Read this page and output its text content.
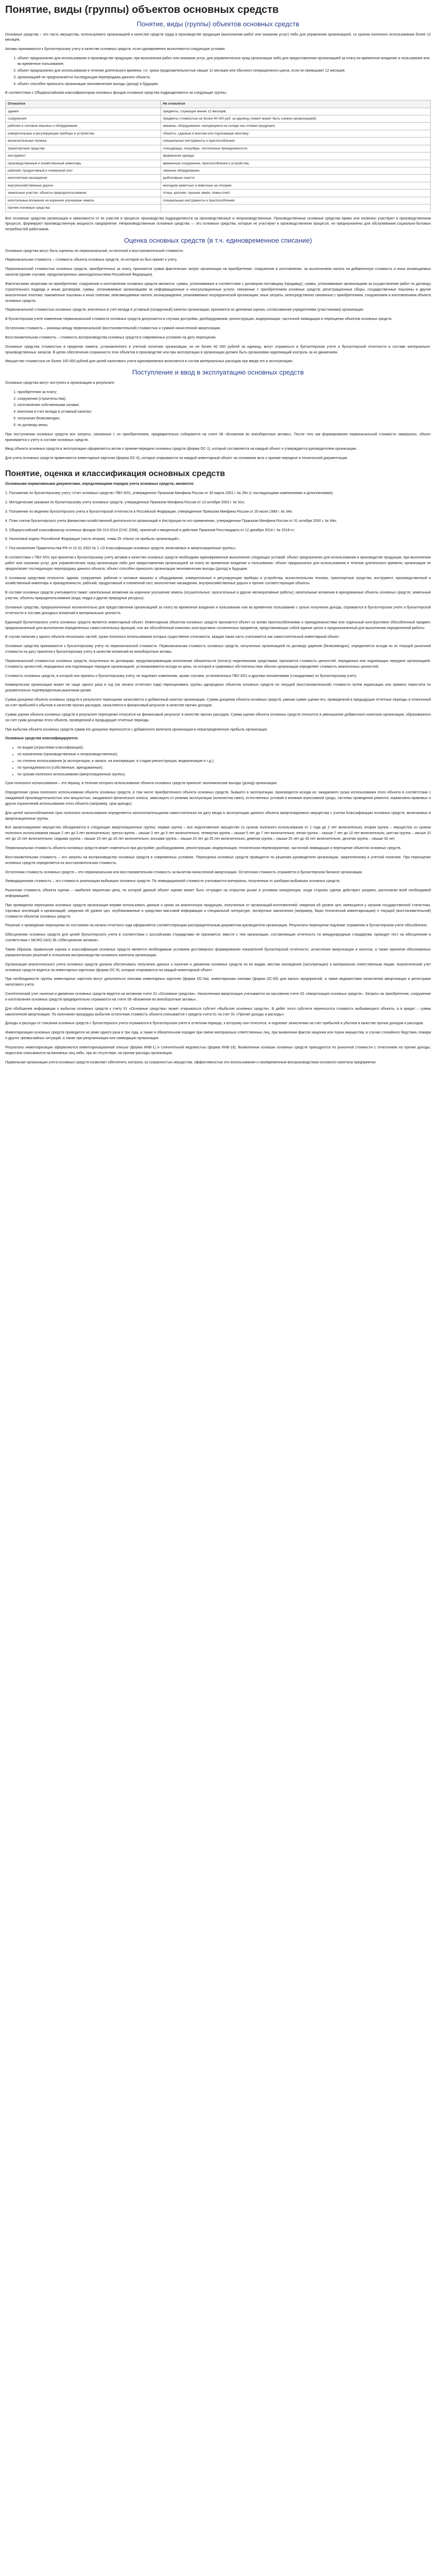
Понятие, виды (группы) объектов основных средств
Понятие, виды (группы) объектов основных средств

Основные средства – это часть имущества, используемого организацией в качестве средств труда в производстве продукции (выполнении работ или оказании услуг) либо для управления организацией, со сроком полезного использования более 12 месяцев.

Активы принимаются к бухгалтерскому учету в качестве основных средств, если одновременно выполняются следующие условия:

1. объект предназначен для использования в производстве продукции, при выполнении работ или оказании услуг, для управленческих нужд организации либо для предоставления организацией за плату во временное владение и пользование или во временное пользование;
2. объект предназначен для использования в течение длительного времени, т.е. срока продолжительностью свыше 12 месяцев или обычного операционного цикла, если он превышает 12 месяцев;
3. организацией не предполагается последующая перепродажа данного объекта;
4. объект способен приносить организации экономические выгоды (доход) в будущем.

В соответствии с Общероссийским классификатором основных фондов основные средства подразделяются на следующие группы:

Относятся	Не относятся
здания	предметы, служащие менее 12 месяцев;
сооружения	предметы стоимостью не более 40 000 руб. за единицу (лимит может быть снижен организацией);
рабочие и силовые машины и оборудование	машины, оборудование, находящиеся на складе как готовая продукция;
измерительные и регулирующие приборы и устройства	объекты, сданные в монтаж или подлежащие монтажу;
вычислительная техника	специальные инструменты и приспособления;
транспортные средства	спецодежда, спецобувь, постельные принадлежности;
инструмент	форменная одежда;
производственный и хозяйственный инвентарь	временные сооружения, приспособления и устройства;
рабочий, продуктивный и племенной скот	сменное оборудование;
многолетние насаждения	рыболовные снасти;
внутрихозяйственные дороги	молодняк животных и животные на откорме;
земельные участки, объекты природопользования	птица, кролики, пушные звери, семьи пчел;
капитальные вложения на коренное улучшение земель	специальные инструменты и приспособления.
прочие основные средства	

Все основные средства организации в зависимости от их участия в процессе производства подразделяются на производственные и непроизводственные. Производственные основные средства прямо или косвенно участвуют в производственном процессе, формируют производственную мощность предприятия. Непроизводственные основные средства — это основные средства, которые не участвуют в производственном процессе, но предназначены для обслуживания социально-бытовых потребностей работников.

Оценка основных средств (в т.ч. единовременное списание)

Основные средства могут быть оценены по первоначальной, остаточной и восстановительной стоимости.

Первоначальная стоимость – стоимость объекта основных средств, по которой он был принят к учету.

Первоначальной стоимостью основных средств, приобретенных за плату, признается сумма фактических затрат организации на приобретение, сооружение и изготовление, за исключением налога на добавленную стоимость и иных возмещаемых налогов (кроме случаев, предусмотренных законодательством Российской Федерации).

Фактическими затратами на приобретение, сооружение и изготовление основных средств являются: суммы, уплачиваемые в соответствии с договором поставщику (продавцу); суммы, уплачиваемые организациям за осуществление работ по договору строительного подряда и иным договорам; суммы, уплачиваемые организациям за информационные и консультационные услуги, связанные с приобретением основных средств; регистрационные сборы, государственные пошлины и другие аналогичные платежи; таможенные пошлины и иные платежи; невозмещаемые налоги; вознаграждения, уплачиваемые посреднической организации; иные затраты, непосредственно связанные с приобретением, сооружением и изготовлением объекта основных средств.

Первоначальной стоимостью основных средств, внесенных в счет вклада в уставный (складочный) капитал организации, признается их денежная оценка, согласованная учредителями (участниками) организации.

В бухгалтерском учете изменение первоначальной стоимости основных средств допускается в случаях достройки, дооборудования, реконструкции, модернизации, частичной ликвидации и переоценки объектов основных средств.

Остаточная стоимость – разница между первоначальной (восстановительной) стоимостью и суммой начисленной амортизации.

Восстановительная стоимость – стоимость воспроизводства основных средств в современных условиях на дату переоценки.

Основные средства стоимостью в пределах лимита, установленного в учетной политике организации, но не более 40 000 рублей за единицу, могут отражаться в бухгалтерском учете и бухгалтерской отчетности в составе материально-производственных запасов. В целях обеспечения сохранности этих объектов в производстве или при эксплуатации в организации должен быть организован надлежащий контроль за их движением.

Имущество стоимостью не более 100 000 рублей для целей налогового учета единовременно включается в состав материальных расходов при вводе его в эксплуатацию.

Поступление и ввод в эксплуатацию основных средств

Основные средства могут поступить в организацию в результате:

1. приобретения за плату;
2. сооружения (строительства);
3. изготовления собственными силами;
4. внесения в счет вклада в уставный капитал;
5. получения безвозмездно;
6. по договору мены.

При поступлении основных средств все затраты, связанные с их приобретением, предварительно собираются на счете 08 «Вложения во внеоборотные активы». После того как формирование первоначальной стоимости завершено, объект принимается к учету в составе основных средств.

Ввод объекта основных средств в эксплуатацию оформляется актом о приеме-передаче основных средств (форма ОС-1), который составляется на каждый объект и утверждается руководителем организации.

Для учета основных средств применяются инвентарные карточки (форма ОС-6), которые открываются на каждый инвентарный объект на основании акта о приеме-передаче и технической документации.

Понятие, оценка и классификация основных средств

Основными нормативными документами, определяющими порядок учета основных средств, являются:

1. Положение по бухгалтерскому учету «Учет основных средств» ПБУ 6/01, утвержденное Приказом Минфина России от 30 марта 2001 г. № 26н (с последующими изменениями и дополнениями);

2. Методические указания по бухгалтерскому учету основных средств, утвержденные Приказом Минфина России от 13 октября 2003 г. № 91н;

3. Положение по ведению бухгалтерского учета и бухгалтерской отчетности в Российской Федерации, утвержденное Приказом Минфина России от 29 июля 1998 г. № 34н;

4. План счетов бухгалтерского учета финансово-хозяйственной деятельности организаций и Инструкция по его применению, утвержденные Приказом Минфина России от 31 октября 2000 г. № 94н;

5. Общероссийский классификатор основных фондов ОК 013-2014 (СНС 2008), принятый и введенный в действие Приказом Росстандарта от 12 декабря 2014 г. № 2018-ст;

6. Налоговый кодекс Российской Федерации (часть вторая), глава 25 «Налог на прибыль организаций»;

7. Постановление Правительства РФ от 01.01.2002 № 1 «О Классификации основных средств, включаемых в амортизационные группы».

В соответствии с ПБУ 6/01 при принятии к бухгалтерскому учету активов в качестве основных средств необходимо единовременное выполнение следующих условий: объект предназначен для использования в производстве продукции, при выполнении работ или оказании услуг, для управленческих нужд организации либо для предоставления организацией за плату во временное владение и пользование; объект предназначен для использования в течение длительного времени; организация не предполагает последующую перепродажу данного объекта; объект способен приносить организации экономические выгоды (доход) в будущем.

К основным средствам относятся: здания, сооружения, рабочие и силовые машины и оборудование, измерительные и регулирующие приборы и устройства, вычислительная техника, транспортные средства, инструмент, производственный и хозяйственный инвентарь и принадлежности, рабочий, продуктивный и племенной скот, многолетние насаждения, внутрихозяйственные дороги и прочие соответствующие объекты.

В составе основных средств учитываются также: капитальные вложения на коренное улучшение земель (осушительные, оросительные и другие мелиоративные работы); капитальные вложения в арендованные объекты основных средств; земельные участки, объекты природопользования (вода, недра и другие природные ресурсы).

Основные средства, предназначенные исключительно для предоставления организацией за плату во временное владение и пользование или во временное пользование с целью получения дохода, отражаются в бухгалтерском учете и бухгалтерской отчетности в составе доходных вложений в материальные ценности.

Единицей бухгалтерского учета основных средств является инвентарный объект. Инвентарным объектом основных средств признается объект со всеми приспособлениями и принадлежностями или отдельный конструктивно обособленный предмет, предназначенный для выполнения определенных самостоятельных функций, или же обособленный комплекс конструктивно сочлененных предметов, представляющих собой единое целое и предназначенный для выполнения определенной работы.

В случае наличия у одного объекта нескольких частей, сроки полезного использования которых существенно отличаются, каждая такая часть учитывается как самостоятельный инвентарный объект.

Основные средства принимаются к бухгалтерскому учету по первоначальной стоимости. Первоначальная стоимость основных средств, полученных организацией по договору дарения (безвозмездно), определяется исходя из их текущей рыночной стоимости на дату принятия к бухгалтерскому учету в качестве вложений во внеоборотные активы.

Первоначальной стоимостью основных средств, полученных по договорам, предусматривающим исполнение обязательств (оплату) неденежными средствами, признается стоимость ценностей, переданных или подлежащих передаче организацией. Стоимость ценностей, переданных или подлежащих передаче организацией, устанавливается исходя из цены, по которой в сравнимых обстоятельствах обычно организация определяет стоимость аналогичных ценностей.

Стоимость основных средств, в которой они приняты к бухгалтерскому учету, не подлежит изменению, кроме случаев, установленных ПБУ 6/01 и другими положениями (стандартами) по бухгалтерскому учету.

Коммерческая организация может не чаще одного раза в год (на начало отчетного года) переоценивать группы однородных объектов основных средств по текущей (восстановительной) стоимости путем индексации или прямого пересчета по документально подтвержденным рыночным ценам.

Сумма дооценки объекта основных средств в результате переоценки зачисляется в добавочный капитал организации. Сумма дооценки объекта основных средств, равная сумме уценки его, проведенной в предыдущие отчетные периоды и отнесенной на счет прибылей и убытков в качестве прочих расходов, зачисляется в финансовый результат в качестве прочих доходов.

Сумма уценки объекта основных средств в результате переоценки относится на финансовый результат в качестве прочих расходов. Сумма уценки объекта основных средств относится в уменьшение добавочного капитала организации, образованного за счет сумм дооценки этого объекта, проведенной в предыдущие отчетные периоды.

При выбытии объекта основных средств сумма его дооценки переносится с добавочного капитала организации в нераспределенную прибыль организации.

Основные средства классифицируются:

• по видам (отраслевая классификация);
• по назначению (производственные и непроизводственные);
• по степени использования (в эксплуатации, в запасе, на консервации, в стадии реконструкции, модернизации и т.д.);
• по принадлежности (собственные, арендованные);
• по срокам полезного использования (амортизационные группы).

Срок полезного использования – это период, в течение которого использование объекта основных средств приносит экономические выгоды (доход) организации.

Определение срока полезного использования объекта основных средств, в том числе приобретенного объекта основных средств, бывшего в эксплуатации, производится исходя из: ожидаемого срока использования этого объекта в соответствии с ожидаемой производительностью или мощностью; ожидаемого физического износа, зависящего от режима эксплуатации (количества смен), естественных условий и влияния агрессивной среды, системы проведения ремонта; нормативно-правовых и других ограничений использования этого объекта (например, срок аренды).

Для целей налогообложения срок полезного использования определяется налогоплательщиком самостоятельно на дату ввода в эксплуатацию данного объекта амортизируемого имущества с учетом Классификации основных средств, включаемых в амортизационные группы.

Все амортизируемое имущество объединяется в следующие амортизационные группы: первая группа – все недолговечное имущество со сроком полезного использования от 1 года до 2 лет включительно; вторая группа – имущество со сроком полезного использования свыше 2 лет до 3 лет включительно; третья группа – свыше 3 лет до 5 лет включительно; четвертая группа – свыше 5 лет до 7 лет включительно; пятая группа – свыше 7 лет до 10 лет включительно; шестая группа – свыше 10 лет до 15 лет включительно; седьмая группа – свыше 15 лет до 20 лет включительно; восьмая группа – свыше 20 лет до 25 лет включительно; девятая группа – свыше 25 лет до 30 лет включительно; десятая группа – свыше 30 лет.

Первоначальная стоимость объекта основных средств может изменяться при достройке, дооборудовании, реконструкции, модернизации, техническом перевооружении, частичной ликвидации и переоценке объектов основных средств.

Восстановительная стоимость – это затраты на воспроизводство основных средств в современных условиях. Переоценка основных средств проводится по решению руководителя организации, закрепленному в учетной политике. При переоценке основных средств определяется их восстановительная стоимость.

Остаточная стоимость основных средств – это первоначальная или восстановительная стоимость за вычетом начисленной амортизации. Остаточная стоимость отражается в бухгалтерском балансе организации.

Ликвидационная стоимость – это стоимость реализации выбывших основных средств. По ликвидационной стоимости учитываются материалы, полученные от разборки выбывших основных средств.

Рыночная стоимость объекта оценки – наиболее вероятная цена, по которой данный объект оценки может быть отчужден на открытом рынке в условиях конкуренции, когда стороны сделки действуют разумно, располагая всей необходимой информацией.

При проведении переоценки основных средств организация вправе использовать данные о ценах на аналогичную продукцию, полученные от организаций-изготовителей; сведения об уровне цен, имеющиеся у органов государственной статистики, торговых инспекций и организаций; сведения об уровне цен, опубликованные в средствах массовой информации и специальной литературе; экспертные заключения (например, бюро технической инвентаризации) о текущей (восстановительной) стоимости объектов основных средств.

Решение о проведении переоценки по состоянию на начало отчетного года оформляется соответствующим распорядительным документом руководителя организации. Результаты переоценки подлежат отражению в бухгалтерском учете обособленно.

Обесценение основных средств для целей бухгалтерского учета в соответствии с российскими стандартами не признается; вместе с тем организации, составляющие отчетность по международным стандартам, проводят тест на обесценение в соответствии с МСФО (IAS) 36 «Обесценение активов».

Таким образом, правильная оценка и классификация основных средств является необходимым условием достоверного формирования показателей бухгалтерской отчетности, исчисления амортизации и налогов, а также принятия обоснованных управленческих решений в отношении воспроизводства основного капитала организации.

Организация аналитического учета основных средств должна обеспечивать получение данных о наличии и движении основных средств по их видам, местам нахождения (эксплуатации) и материально ответственным лицам. Аналитический учет основных средств ведется на инвентарных карточках (форма ОС-6), которые открываются на каждый инвентарный объект.

При необходимости группы инвентарных карточек могут дополняться описями инвентарных карточек (форма ОС-6а), инвентарными книгами (форма ОС-6б) для малых предприятий, а также ведомостями начисления амортизации и регистрами налогового учета.

Синтетический учет наличия и движения основных средств ведется на активном счете 01 «Основные средства». Начисленная амортизация учитывается на пассивном счете 02 «Амортизация основных средств». Затраты на приобретение, сооружение и изготовление основных средств предварительно отражаются на счете 08 «Вложения во внеоборотные активы».

Для обобщения информации о выбытии основных средств к счету 01 «Основные средства» может открываться субсчет «Выбытие основных средств». В дебет этого субсчета переносится стоимость выбывающего объекта, а в кредит – сумма накопленной амортизации. По окончании процедуры выбытия остаточная стоимость объекта списывается с кредита счета 01 на счет 91 «Прочие доходы и расходы».

Доходы и расходы от списания основных средств с бухгалтерского учета отражаются в бухгалтерском учете в отчетном периоде, к которому они относятся, и подлежат зачислению на счет прибылей и убытков в качестве прочих доходов и расходов.

Инвентаризация основных средств проводится не реже одного раза в три года, а также в обязательном порядке при смене материально ответственных лиц, при выявлении фактов хищения или порчи имущества, в случае стихийного бедствия, пожара и других чрезвычайных ситуаций, а также при реорганизации или ликвидации организации.

Результаты инвентаризации оформляются инвентаризационной описью (форма ИНВ-1) и сличительной ведомостью (форма ИНВ-18). Выявленные излишки основных средств приходуются по рыночной стоимости с отнесением на прочие доходы; недостачи списываются на виновных лиц либо, при их отсутствии, на прочие расходы организации.

Правильная организация учета основных средств позволяет обеспечить контроль за сохранностью имущества, эффективностью его использования и своевременным воспроизводством основного капитала предприятия.
